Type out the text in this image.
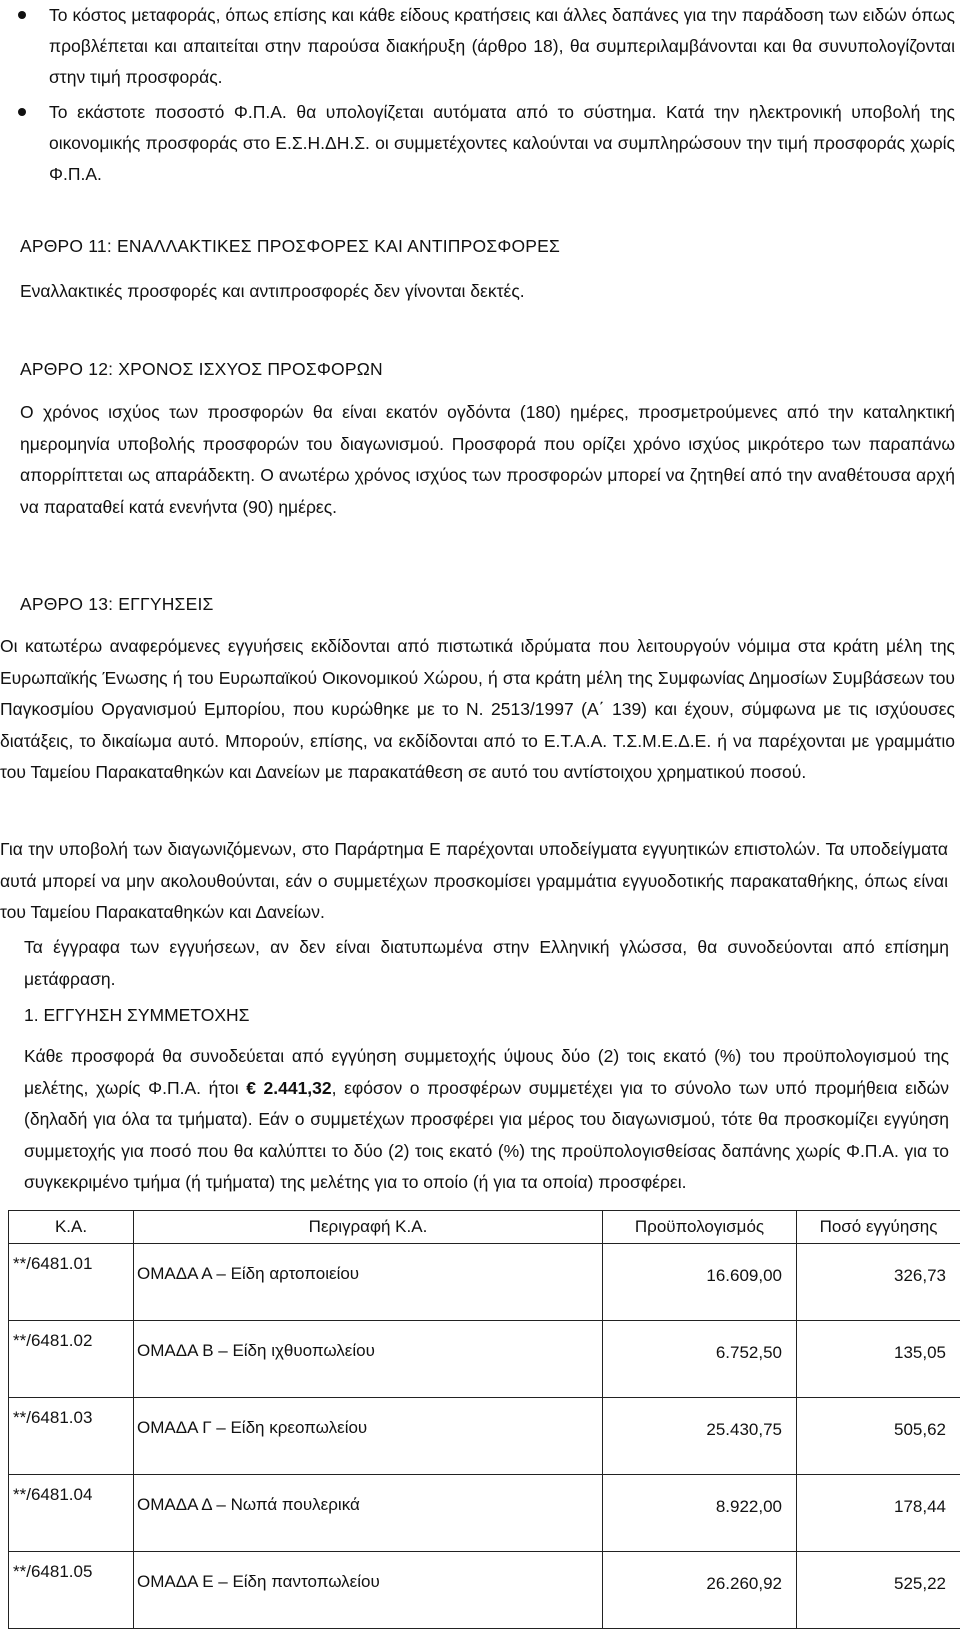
Το κόστος μεταφοράς, όπως επίσης και κάθε είδους κρατήσεις και άλλες δαπάνες για την παράδοση των ειδών όπως προβλέπεται και απαιτείται στην παρούσα διακήρυξη (άρθρο 18), θα συμπεριλαμβάνονται και θα συνυπολογίζονται στην τιμή προσφοράς.
Το εκάστοτε ποσοστό Φ.Π.Α. θα υπολογίζεται αυτόματα από το σύστημα. Κατά την ηλεκτρονική υποβολή της οικονομικής προσφοράς στο Ε.Σ.Η.ΔΗ.Σ. οι συμμετέχοντες καλούνται να συμπληρώσουν την τιμή προσφοράς χωρίς Φ.Π.Α.
ΑΡΘΡΟ 11: ΕΝΑΛΛΑΚΤΙΚΕΣ ΠΡΟΣΦΟΡΕΣ ΚΑΙ ΑΝΤΙΠΡΟΣΦΟΡΕΣ
Εναλλακτικές προσφορές και αντιπροσφορές δεν γίνονται δεκτές.
ΑΡΘΡΟ 12: ΧΡΟΝΟΣ ΙΣΧΥΟΣ ΠΡΟΣΦΟΡΩΝ
Ο χρόνος ισχύος των προσφορών θα είναι εκατόν ογδόντα (180) ημέρες, προσμετρούμενες από την καταληκτική ημερομηνία υποβολής προσφορών του διαγωνισμού. Προσφορά που ορίζει χρόνο ισχύος μικρότερο των παραπάνω απορρίπτεται ως απαράδεκτη. Ο ανωτέρω χρόνος ισχύος των προσφορών μπορεί να ζητηθεί από την αναθέτουσα αρχή να παραταθεί κατά ενενήντα (90) ημέρες.
ΑΡΘΡΟ 13: ΕΓΓΥΗΣΕΙΣ
Οι κατωτέρω αναφερόμενες εγγυήσεις εκδίδονται από πιστωτικά ιδρύματα που λειτουργούν νόμιμα στα κράτη μέλη της Ευρωπαϊκής Ένωσης ή του Ευρωπαϊκού Οικονομικού Χώρου, ή στα κράτη μέλη της Συμφωνίας Δημοσίων Συμβάσεων του Παγκοσμίου Οργανισμού Εμπορίου, που κυρώθηκε με το Ν. 2513/1997 (Α΄ 139) και έχουν, σύμφωνα με τις ισχύουσες διατάξεις, το δικαίωμα αυτό. Μπορούν, επίσης, να εκδίδονται από το Ε.Τ.Α.Α. Τ.Σ.Μ.Ε.Δ.Ε. ή να παρέχονται με γραμμάτιο του Ταμείου Παρακαταθηκών και Δανείων με παρακατάθεση σε αυτό του αντίστοιχου χρηματικού ποσού.
Για την υποβολή των διαγωνιζόμενων, στο Παράρτημα Ε παρέχονται υποδείγματα εγγυητικών επιστολών. Τα υποδείγματα αυτά μπορεί να μην ακολουθούνται, εάν ο συμμετέχων προσκομίσει γραμμάτια εγγυοδοτικής παρακαταθήκης, όπως είναι του Ταμείου Παρακαταθηκών και Δανείων.
Τα έγγραφα των εγγυήσεων, αν δεν είναι διατυπωμένα στην Ελληνική γλώσσα, θα συνοδεύονται από επίσημη μετάφραση.
1. ΕΓΓΥΗΣΗ ΣΥΜΜΕΤΟΧΗΣ
Κάθε προσφορά θα συνοδεύεται από εγγύηση συμμετοχής ύψους δύο (2) τοις εκατό (%) του προϋπολογισμού της μελέτης, χωρίς Φ.Π.Α. ήτοι € 2.441,32, εφόσον ο προσφέρων συμμετέχει για το σύνολο των υπό προμήθεια ειδών (δηλαδή για όλα τα τμήματα). Εάν ο συμμετέχων προσφέρει για μέρος του διαγωνισμού, τότε θα προσκομίζει εγγύηση συμμετοχής για ποσό που θα καλύπτει το δύο (2) τοις εκατό (%) της προϋπολογισθείσας δαπάνης χωρίς Φ.Π.Α. για το συγκεκριμένο τμήμα (ή τμήματα) της μελέτης για το οποίο (ή για τα οποία) προσφέρει.
Κ.Α.	Περιγραφή Κ.Α.	Προϋπολογισμός	Ποσό εγγύησης
**/6481.01	ΟΜΑΔΑ Α – Είδη αρτοποιείου	16.609,00	326,73
**/6481.02	ΟΜΑΔΑ Β – Είδη ιχθυοπωλείου	6.752,50	135,05
**/6481.03	ΟΜΑΔΑ Γ – Είδη κρεοπωλείου	25.430,75	505,62
**/6481.04	ΟΜΑΔΑ Δ – Νωπά πουλερικά	8.922,00	178,44
**/6481.05	ΟΜΑΔΑ Ε – Είδη παντοπωλείου	26.260,92	525,22
